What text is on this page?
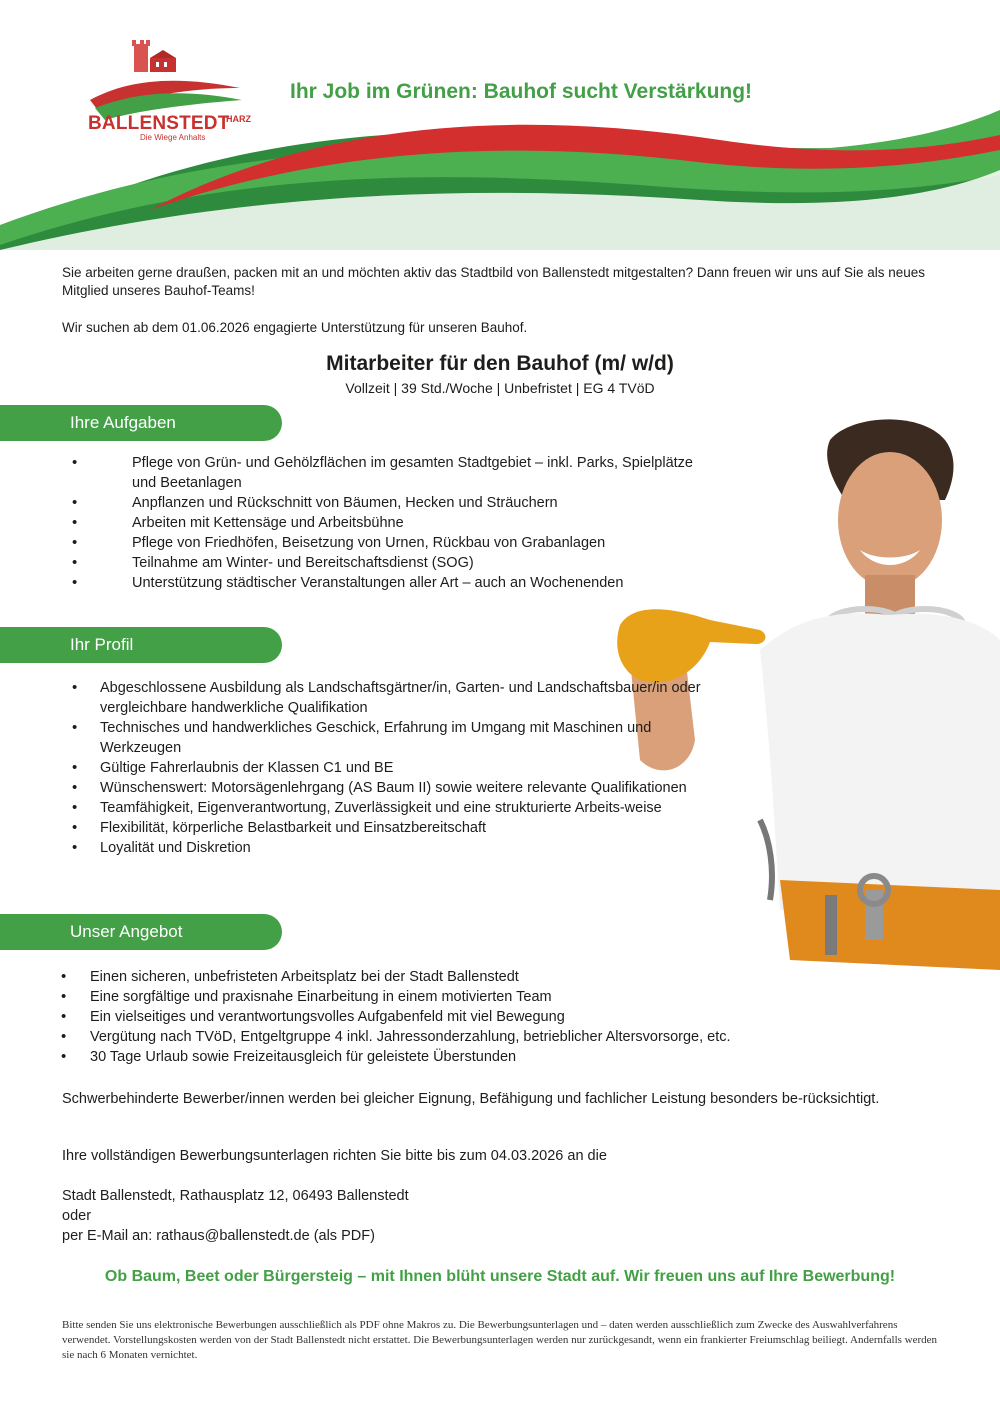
BALLENSTEDT
HARZ
Die Wiege Anhalts
Ihr Job im Grünen: Bauhof sucht Verstärkung!
Sie arbeiten gerne draußen, packen mit an und möchten aktiv das Stadtbild von Ballenstedt mitgestalten? Dann freuen wir uns auf Sie als neues Mitglied unseres Bauhof-Teams!
Wir suchen ab dem 01.06.2026 engagierte Unterstützung für unseren Bauhof.
Mitarbeiter für den Bauhof (m/ w/d)
Vollzeit | 39 Std./Woche | Unbefristet | EG 4 TVöD
Ihre Aufgaben
• Pflege von Grün- und Gehölzflächen im gesamten Stadtgebiet – inkl. Parks, Spielplätze und Beetanlagen
• Anpflanzen und Rückschnitt von Bäumen, Hecken und Sträuchern
• Arbeiten mit Kettensäge und Arbeitsbühne
• Pflege von Friedhöfen, Beisetzung von Urnen, Rückbau von Grabanlagen
• Teilnahme am Winter- und Bereitschaftsdienst (SOG)
• Unterstützung städtischer Veranstaltungen aller Art – auch an Wochenenden
Ihr Profil
• Abgeschlossene Ausbildung als Landschaftsgärtner/in, Garten- und Landschaftsbauer/in oder vergleichbare handwerkliche Qualifikation
• Technisches und handwerkliches Geschick, Erfahrung im Umgang mit Maschinen und Werkzeugen
• Gültige Fahrerlaubnis der Klassen C1 und BE
• Wünschenswert: Motorsägenlehrgang (AS Baum II) sowie weitere relevante Qualifikationen
• Teamfähigkeit, Eigenverantwortung, Zuverlässigkeit und eine strukturierte Arbeits-weise
• Flexibilität, körperliche Belastbarkeit und Einsatzbereitschaft
• Loyalität und Diskretion
Unser Angebot
• Einen sicheren, unbefristeten Arbeitsplatz bei der Stadt Ballenstedt
• Eine sorgfältige und praxisnahe Einarbeitung in einem motivierten Team
• Ein vielseitiges und verantwortungsvolles Aufgabenfeld mit viel Bewegung
• Vergütung nach TVöD, Entgeltgruppe 4 inkl. Jahressonderzahlung, betrieblicher Altersvorsorge, etc.
• 30 Tage Urlaub sowie Freizeitausgleich für geleistete Überstunden
Schwerbehinderte Bewerber/innen werden bei gleicher Eignung, Befähigung und fachlicher Leistung besonders be-rücksichtigt.
Ihre vollständigen Bewerbungsunterlagen richten Sie bitte bis zum 04.03.2026 an die
Stadt Ballenstedt, Rathausplatz 12, 06493 Ballenstedt
oder
per E-Mail an: rathaus@ballenstedt.de (als PDF)
Ob Baum, Beet oder Bürgersteig – mit Ihnen blüht unsere Stadt auf. Wir freuen uns auf Ihre Bewerbung!
Bitte senden Sie uns elektronische Bewerbungen ausschließlich als PDF ohne Makros zu. Die Bewerbungsunterlagen und – daten werden ausschließlich zum Zwecke des Auswahlverfahrens verwendet. Vorstellungskosten werden von der Stadt Ballenstedt nicht erstattet. Die Bewerbungsunterlagen werden nur zurückgesandt, wenn ein frankierter Freiumschlag beiliegt. Andernfalls werden sie nach 6 Monaten vernichtet.
